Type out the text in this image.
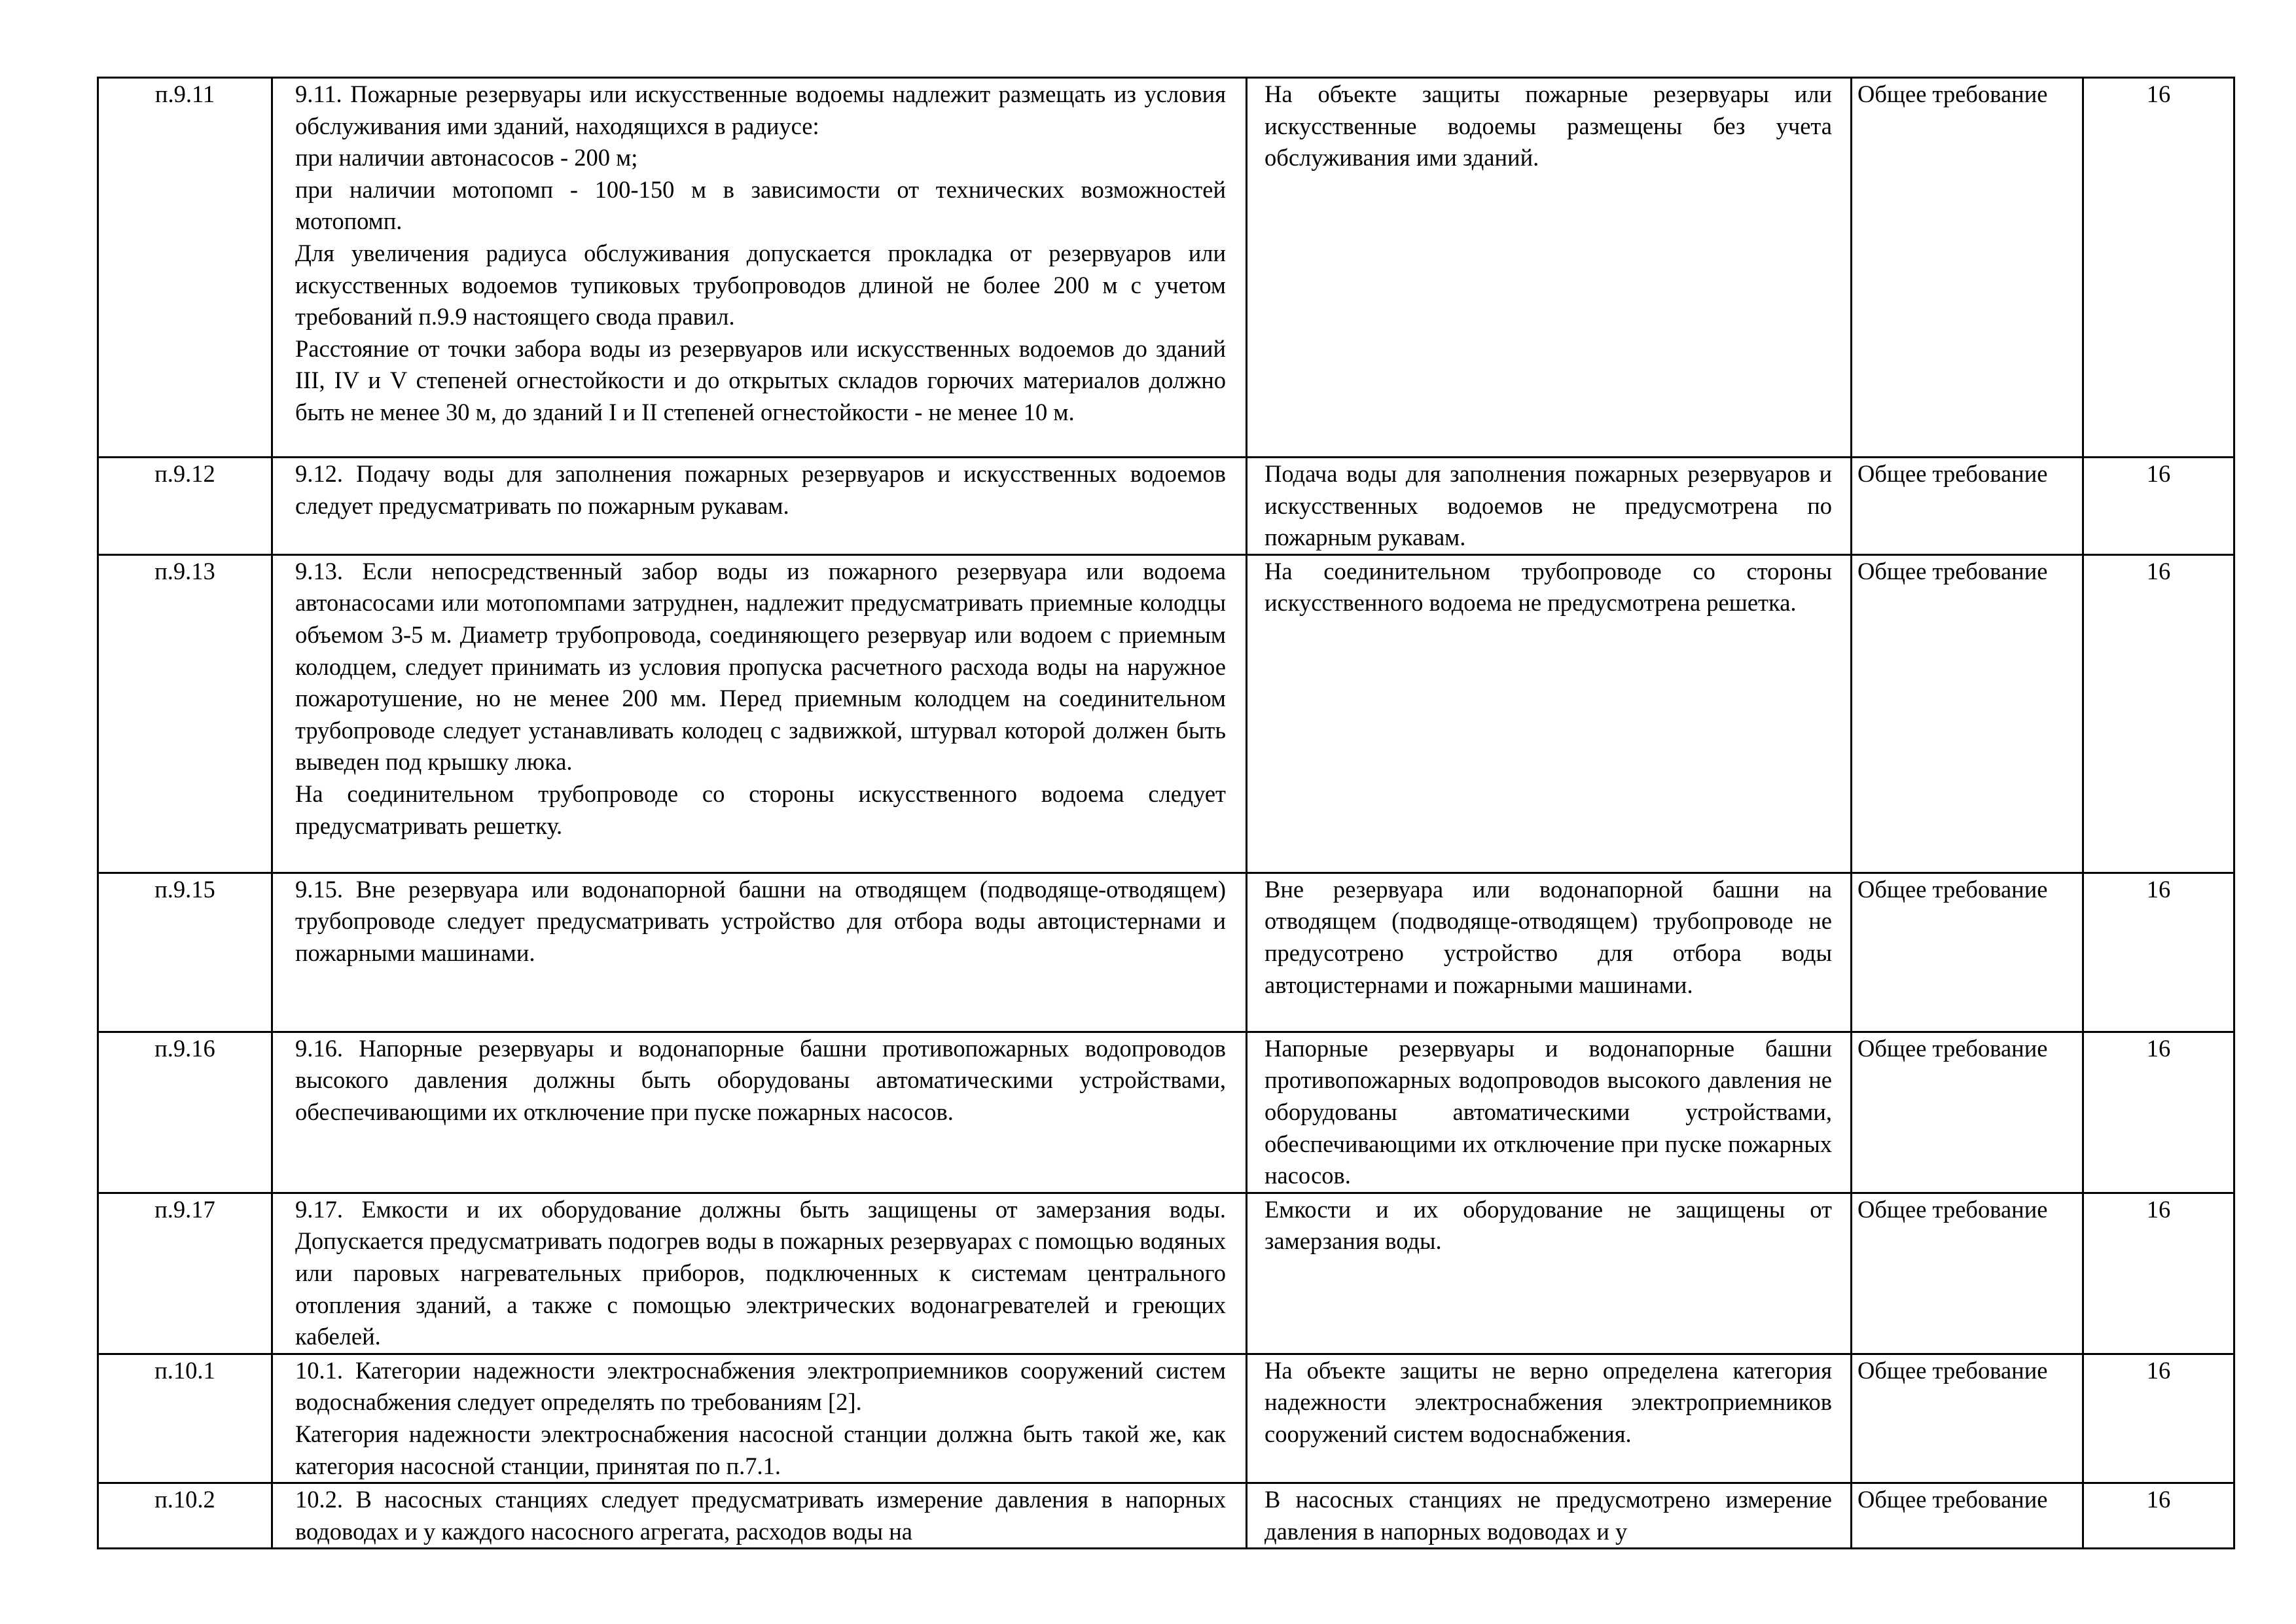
п.9.11	9.11. Пожарные резервуары или искусственные водоемы надлежит размещать из условия обслуживания ими зданий, находящихся в радиусе:
при наличии автонасосов - 200 м;
при наличии мотопомп - 100-150 м в зависимости от технических возможностей мотопомп.
Для увеличения радиуса обслуживания допускается прокладка от резервуаров или искусственных водоемов тупиковых трубопроводов длиной не более 200 м с учетом требований п.9.9 настоящего свода правил.
Расстояние от точки забора воды из резервуаров или искусственных водоемов до зданий III, IV и V степеней огнестойкости и до открытых складов горючих материалов должно быть не менее 30 м, до зданий I и II степеней огнестойкости - не менее 10 м.	На объекте защиты пожарные резервуары или искусственные водоемы размещены без учета обслуживания ими зданий.	Общее требование	16
п.9.12	9.12. Подачу воды для заполнения пожарных резервуаров и искусственных водоемов следует предусматривать по пожарным рукавам.	Подача воды для заполнения пожарных резервуаров и искусственных водоемов не предусмотрена по пожарным рукавам.	Общее требование	16
п.9.13	9.13. Если непосредственный забор воды из пожарного резервуара или водоема автонасосами или мотопомпами затруднен, надлежит предусматривать приемные колодцы объемом 3-5 м. Диаметр трубопровода, соединяющего резервуар или водоем с приемным колодцем, следует принимать из условия пропуска расчетного расхода воды на наружное пожаротушение, но не менее 200 мм. Перед приемным колодцем на соединительном трубопроводе следует устанавливать колодец с задвижкой, штурвал которой должен быть выведен под крышку люка.
На соединительном трубопроводе со стороны искусственного водоема следует предусматривать решетку.	На соединительном трубопроводе со стороны искусственного водоема не предусмотрена решетка.	Общее требование	16
п.9.15	9.15. Вне резервуара или водонапорной башни на отводящем (подводяще-отводящем) трубопроводе следует предусматривать устройство для отбора воды автоцистернами и пожарными машинами.	Вне резервуара или водонапорной башни на отводящем (подводяще-отводящем) трубопроводе не предусотрено устройство для отбора воды автоцистернами и пожарными машинами.	Общее требование	16
п.9.16	9.16. Напорные резервуары и водонапорные башни противопожарных водопроводов высокого давления должны быть оборудованы автоматическими устройствами, обеспечивающими их отключение при пуске пожарных насосов.	Напорные резервуары и водонапорные башни противопожарных водопроводов высокого давления не оборудованы автоматическими устройствами, обеспечивающими их отключение при пуске пожарных насосов.	Общее требование	16
п.9.17	9.17. Емкости и их оборудование должны быть защищены от замерзания воды. Допускается предусматривать подогрев воды в пожарных резервуарах с помощью водяных или паровых нагревательных приборов, подключенных к системам центрального отопления зданий, а также с помощью электрических водонагревателей и греющих кабелей.	Емкости и их оборудование не защищены от замерзания воды.	Общее требование	16
п.10.1	10.1. Категории надежности электроснабжения электроприемников сооружений систем водоснабжения следует определять по требованиям [2].
Категория надежности электроснабжения насосной станции должна быть такой же, как категория насосной станции, принятая по п.7.1.	На объекте защиты не верно определена категория надежности электроснабжения электроприемников сооружений систем водоснабжения.	Общее требование	16
п.10.2	10.2. В насосных станциях следует предусматривать измерение давления в напорных водоводах и у каждого насосного агрегата, расходов воды на	В насосных станциях не предусмотрено измерение давления в напорных водоводах и у	Общее требование	16
